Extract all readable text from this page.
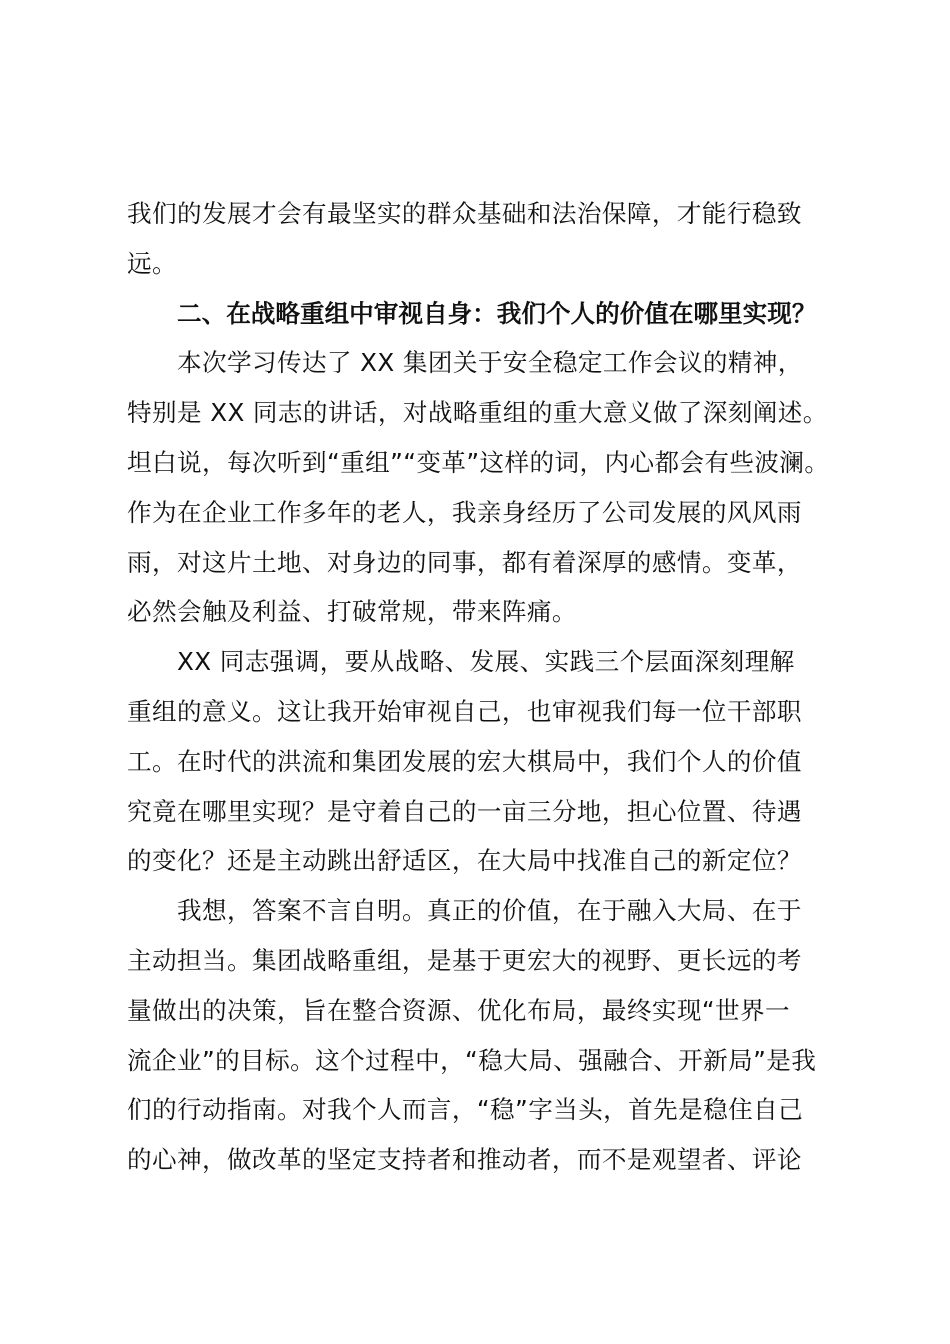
我们的发展才会有最坚实的群众基础和法治保障，才能行稳致
远。

二、在战略重组中审视自身：我们个人的价值在哪里实现？

本次学习传达了 XX 集团关于安全稳定工作会议的精神，
特别是 XX 同志的讲话，对战略重组的重大意义做了深刻阐述。
坦白说，每次听到“重组”“变革”这样的词，内心都会有些波澜。
作为在企业工作多年的老人，我亲身经历了公司发展的风风雨
雨，对这片土地、对身边的同事，都有着深厚的感情。变革，
必然会触及利益、打破常规，带来阵痛。

XX 同志强调，要从战略、发展、实践三个层面深刻理解
重组的意义。这让我开始审视自己，也审视我们每一位干部职
工。在时代的洪流和集团发展的宏大棋局中，我们个人的价值
究竟在哪里实现？是守着自己的一亩三分地，担心位置、待遇
的变化？还是主动跳出舒适区，在大局中找准自己的新定位？

我想，答案不言自明。真正的价值，在于融入大局、在于
主动担当。集团战略重组，是基于更宏大的视野、更长远的考
量做出的决策，旨在整合资源、优化布局，最终实现“世界一
流企业”的目标。这个过程中，“稳大局、强融合、开新局”是我
们的行动指南。对我个人而言，“稳”字当头，首先是稳住自己
的心神，做改革的坚定支持者和推动者，而不是观望者、评论
